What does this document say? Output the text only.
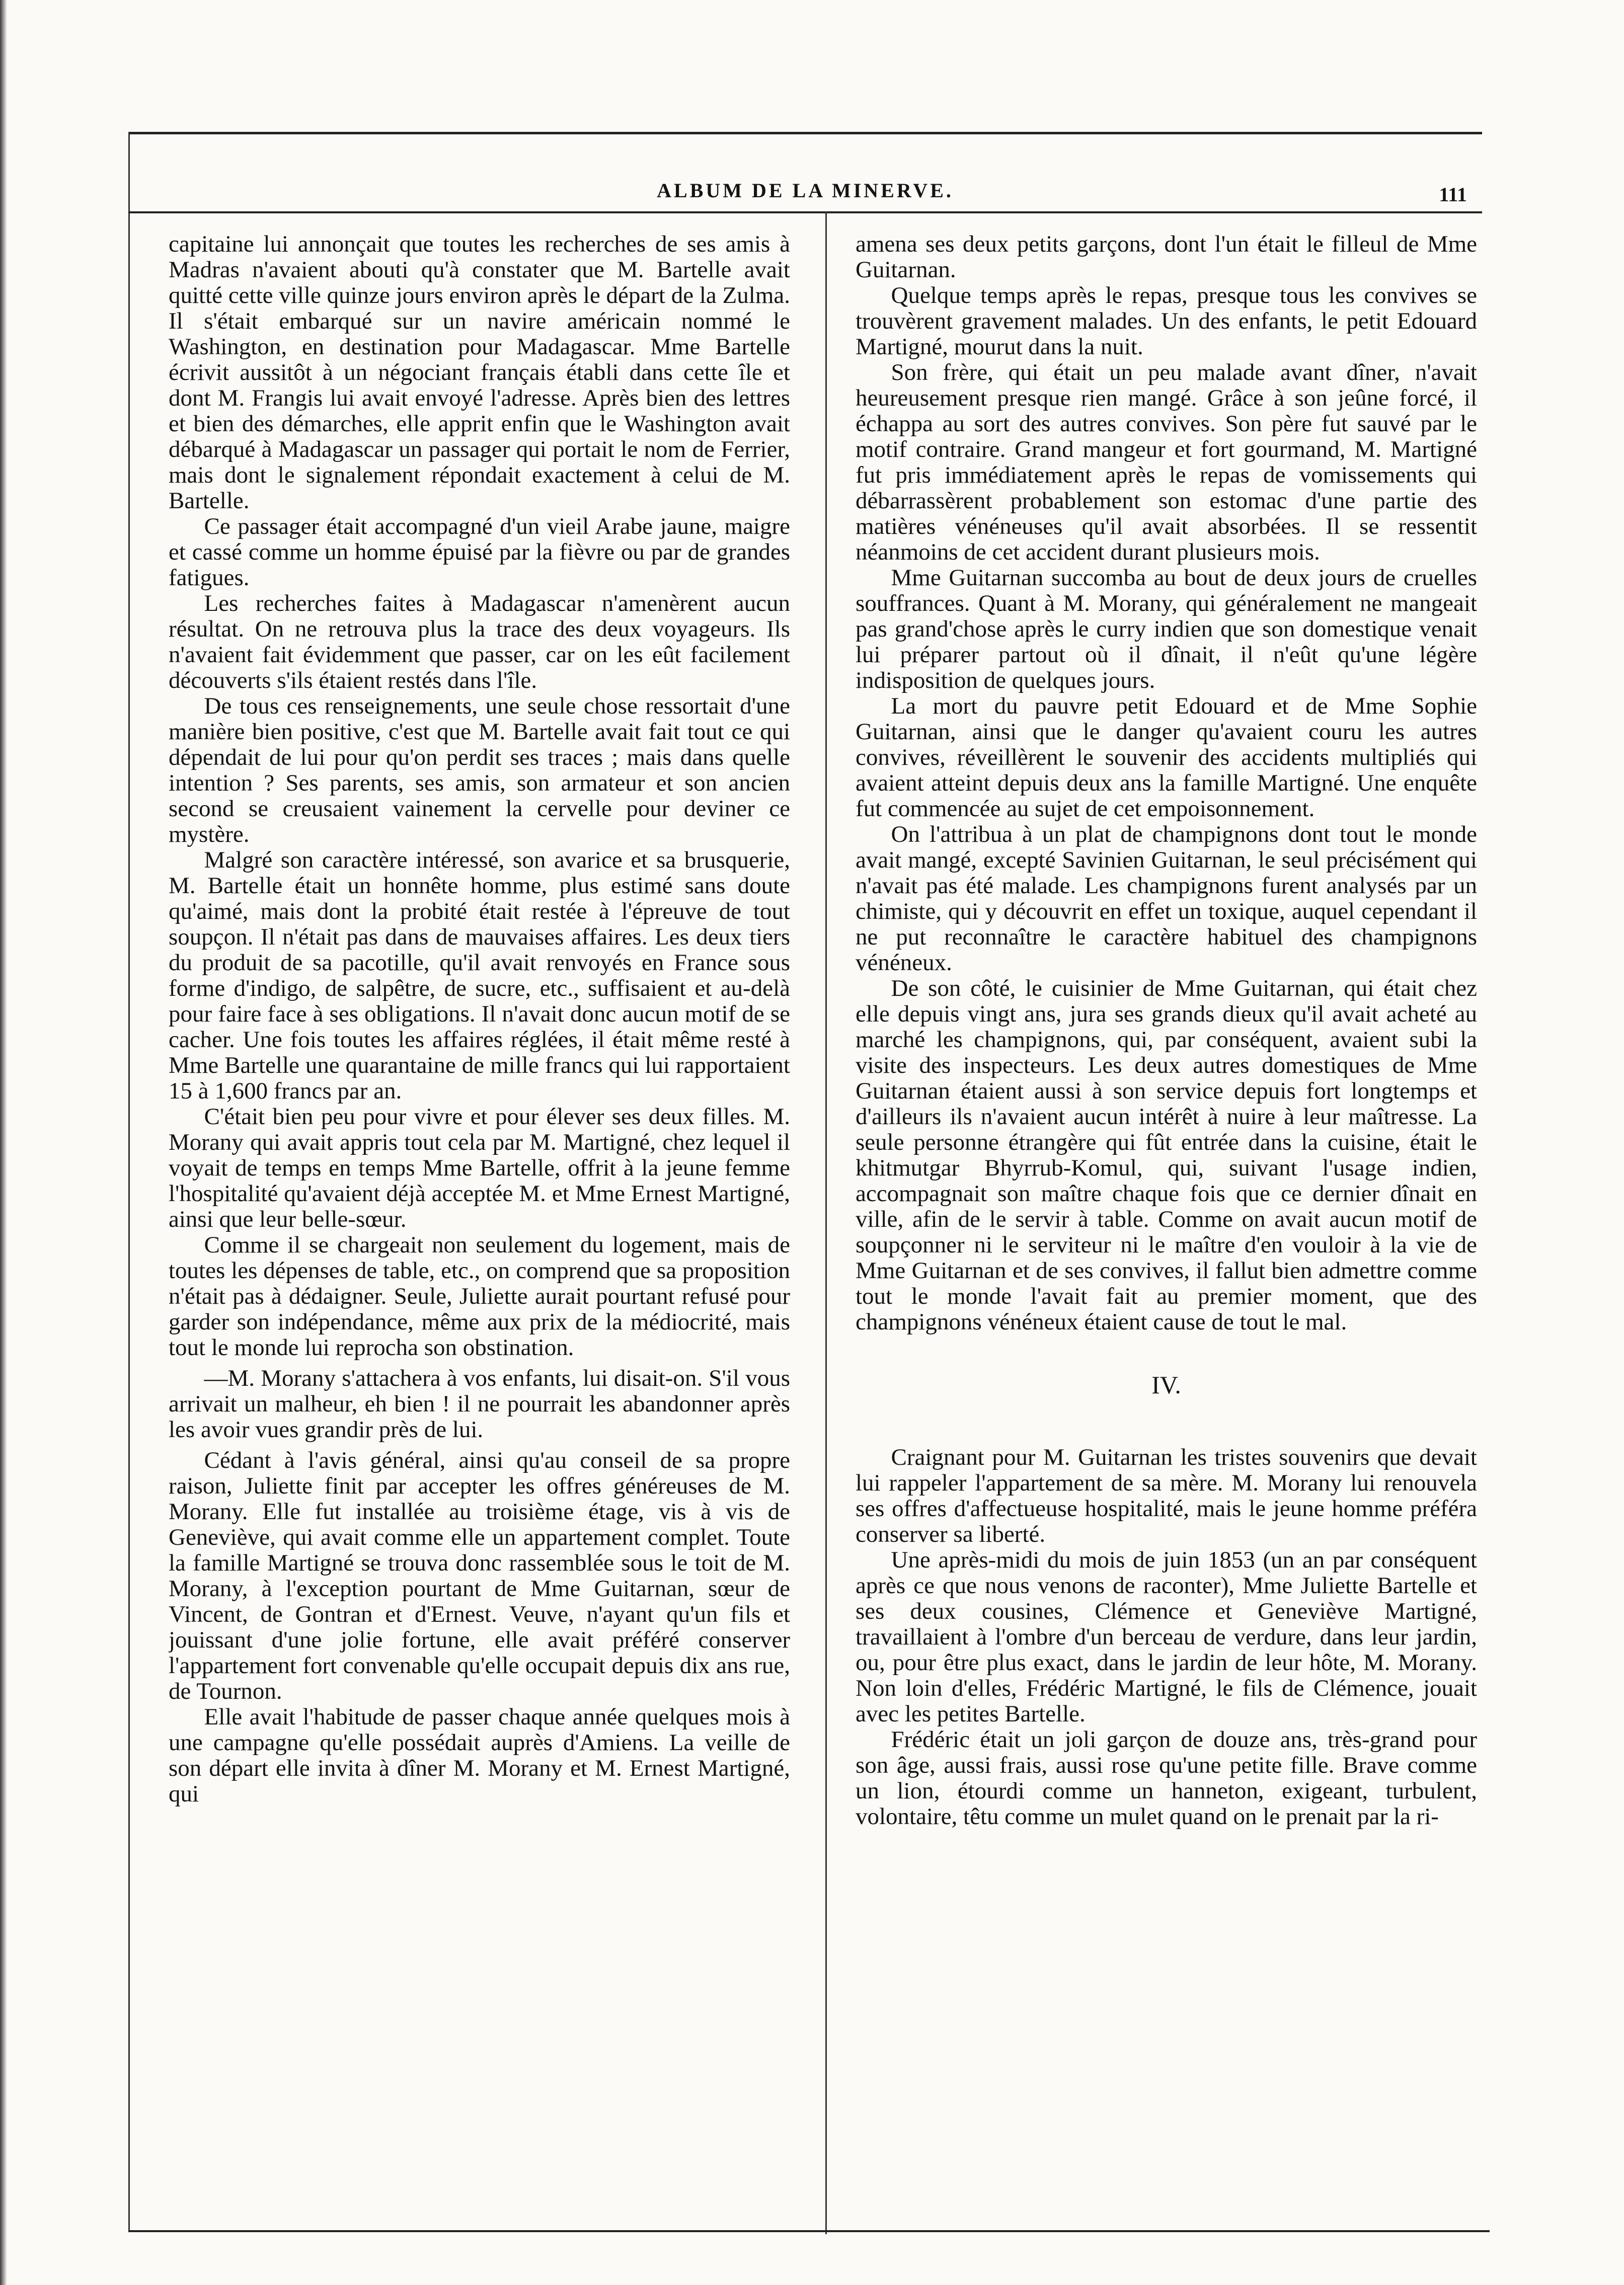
ALBUM DE LA MINERVE.	111

capitaine lui annonçait que toutes les recherches de ses amis à Madras n'avaient abouti qu'à constater que M. Bartelle avait quitté cette ville quinze jours environ après le départ de la Zulma. Il s'était embarqué sur un navire américain nommé le Washington, en destination pour Madagascar. Mme Bartelle écrivit aussitôt à un négociant français établi dans cette île et dont M. Frangis lui avait envoyé l'adresse. Après bien des lettres et bien des démarches, elle apprit enfin que le Washington avait débarqué à Madagascar un passager qui portait le nom de Ferrier, mais dont le signalement répondait exactement à celui de M. Bartelle.

Ce passager était accompagné d'un vieil Arabe jaune, maigre et cassé comme un homme épuisé par la fièvre ou par de grandes fatigues.

Les recherches faites à Madagascar n'amenèrent aucun résultat. On ne retrouva plus la trace des deux voyageurs. Ils n'avaient fait évidemment que passer, car on les eût facilement découverts s'ils étaient restés dans l'île.

De tous ces renseignements, une seule chose ressortait d'une manière bien positive, c'est que M. Bartelle avait fait tout ce qui dépendait de lui pour qu'on perdit ses traces ; mais dans quelle intention ? Ses parents, ses amis, son armateur et son ancien second se creusaient vainement la cervelle pour deviner ce mystère.

Malgré son caractère intéressé, son avarice et sa brusquerie, M. Bartelle était un honnête homme, plus estimé sans doute qu'aimé, mais dont la probité était restée à l'épreuve de tout soupçon. Il n'était pas dans de mauvaises affaires. Les deux tiers du produit de sa pacotille, qu'il avait renvoyés en France sous forme d'indigo, de salpêtre, de sucre, etc., suffisaient et au-delà pour faire face à ses obligations. Il n'avait donc aucun motif de se cacher. Une fois toutes les affaires réglées, il était même resté à Mme Bartelle une quarantaine de mille francs qui lui rapportaient 15 à 1,600 francs par an.

C'était bien peu pour vivre et pour élever ses deux filles. M. Morany qui avait appris tout cela par M. Martigné, chez lequel il voyait de temps en temps Mme Bartelle, offrit à la jeune femme l'hospitalité qu'avaient déjà acceptée M. et Mme Ernest Martigné, ainsi que leur belle-sœur.

Comme il se chargeait non seulement du logement, mais de toutes les dépenses de table, etc., on comprend que sa proposition n'était pas à dédaigner. Seule, Juliette aurait pourtant refusé pour garder son indépendance, même aux prix de la médiocrité, mais tout le monde lui reprocha son obstination.

—M. Morany s'attachera à vos enfants, lui disait-on. S'il vous arrivait un malheur, eh bien ! il ne pourrait les abandonner après les avoir vues grandir près de lui.

Cédant à l'avis général, ainsi qu'au conseil de sa propre raison, Juliette finit par accepter les offres généreuses de M. Morany. Elle fut installée au troisième étage, vis à vis de Geneviève, qui avait comme elle un appartement complet. Toute la famille Martigné se trouva donc rassemblée sous le toit de M. Morany, à l'exception pourtant de Mme Guitarnan, sœur de Vincent, de Gontran et d'Ernest. Veuve, n'ayant qu'un fils et jouissant d'une jolie fortune, elle avait préféré conserver l'appartement fort convenable qu'elle occupait depuis dix ans rue, de Tournon.

Elle avait l'habitude de passer chaque année quelques mois à une campagne qu'elle possédait auprès d'Amiens. La veille de son départ elle invita à dîner M. Morany et M. Ernest Martigné, qui

amena ses deux petits garçons, dont l'un était le filleul de Mme Guitarnan.

Quelque temps après le repas, presque tous les convives se trouvèrent gravement malades. Un des enfants, le petit Edouard Martigné, mourut dans la nuit.

Son frère, qui était un peu malade avant dîner, n'avait heureusement presque rien mangé. Grâce à son jeûne forcé, il échappa au sort des autres convives. Son père fut sauvé par le motif contraire. Grand mangeur et fort gourmand, M. Martigné fut pris immédiatement après le repas de vomissements qui débarrassèrent probablement son estomac d'une partie des matières vénéneuses qu'il avait absorbées. Il se ressentit néanmoins de cet accident durant plusieurs mois.

Mme Guitarnan succomba au bout de deux jours de cruelles souffrances. Quant à M. Morany, qui généralement ne mangeait pas grand'chose après le curry indien que son domestique venait lui préparer partout où il dînait, il n'eût qu'une légère indisposition de quelques jours.

La mort du pauvre petit Edouard et de Mme Sophie Guitarnan, ainsi que le danger qu'avaient couru les autres convives, réveillèrent le souvenir des accidents multipliés qui avaient atteint depuis deux ans la famille Martigné. Une enquête fut commencée au sujet de cet empoisonnement.

On l'attribua à un plat de champignons dont tout le monde avait mangé, excepté Savinien Guitarnan, le seul précisément qui n'avait pas été malade. Les champignons furent analysés par un chimiste, qui y découvrit en effet un toxique, auquel cependant il ne put reconnaître le caractère habituel des champignons vénéneux.

De son côté, le cuisinier de Mme Guitarnan, qui était chez elle depuis vingt ans, jura ses grands dieux qu'il avait acheté au marché les champignons, qui, par conséquent, avaient subi la visite des inspecteurs. Les deux autres domestiques de Mme Guitarnan étaient aussi à son service depuis fort longtemps et d'ailleurs ils n'avaient aucun intérêt à nuire à leur maîtresse. La seule personne étrangère qui fût entrée dans la cuisine, était le khitmutgar Bhyrrub-Komul, qui, suivant l'usage indien, accompagnait son maître chaque fois que ce dernier dînait en ville, afin de le servir à table. Comme on avait aucun motif de soupçonner ni le serviteur ni le maître d'en vouloir à la vie de Mme Guitarnan et de ses convives, il fallut bien admettre comme tout le monde l'avait fait au premier moment, que des champignons vénéneux étaient cause de tout le mal.

IV.

Craignant pour M. Guitarnan les tristes souvenirs que devait lui rappeler l'appartement de sa mère. M. Morany lui renouvela ses offres d'affectueuse hospitalité, mais le jeune homme préféra conserver sa liberté.

Une après-midi du mois de juin 1853 (un an par conséquent après ce que nous venons de raconter), Mme Juliette Bartelle et ses deux cousines, Clémence et Geneviève Martigné, travaillaient à l'ombre d'un berceau de verdure, dans leur jardin, ou, pour être plus exact, dans le jardin de leur hôte, M. Morany. Non loin d'elles, Frédéric Martigné, le fils de Clémence, jouait avec les petites Bartelle.

Frédéric était un joli garçon de douze ans, très-grand pour son âge, aussi frais, aussi rose qu'une petite fille. Brave comme un lion, étourdi comme un hanneton, exigeant, turbulent, volontaire, têtu comme un mulet quand on le prenait par la ri-
